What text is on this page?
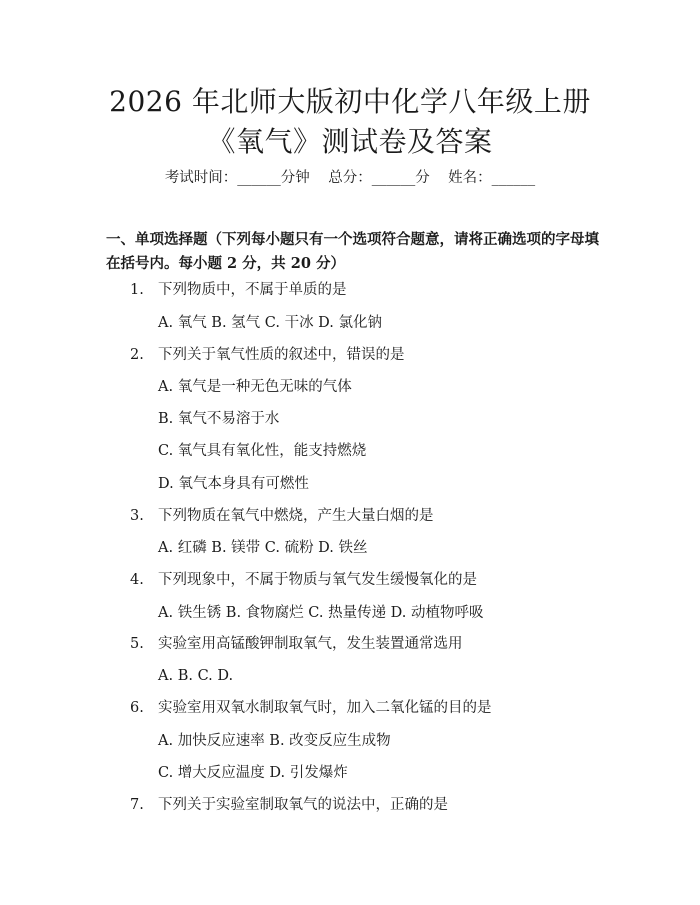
2026 年北师大版初中化学八年级上册《氧气》测试卷及答案
考试时间：______分钟    总分：______分    姓名：______
一、单项选择题（下列每小题只有一个选项符合题意，请将正确选项的字母填在括号内。每小题 2 分，共 20 分）
1. 下列物质中，不属于单质的是
A. 氧气 B. 氢气 C. 干冰 D. 氯化钠
2. 下列关于氧气性质的叙述中，错误的是
A. 氧气是一种无色无味的气体
B. 氧气不易溶于水
C. 氧气具有氧化性，能支持燃烧
D. 氧气本身具有可燃性
3. 下列物质在氧气中燃烧，产生大量白烟的是
A. 红磷 B. 镁带 C. 硫粉 D. 铁丝
4. 下列现象中，不属于物质与氧气发生缓慢氧化的是
A. 铁生锈 B. 食物腐烂 C. 热量传递 D. 动植物呼吸
5. 实验室用高锰酸钾制取氧气，发生装置通常选用
A. B. C. D.
6. 实验室用双氧水制取氧气时，加入二氧化锰的目的是
A. 加快反应速率 B. 改变反应生成物
C. 增大反应温度 D. 引发爆炸
7. 下列关于实验室制取氧气的说法中，正确的是
